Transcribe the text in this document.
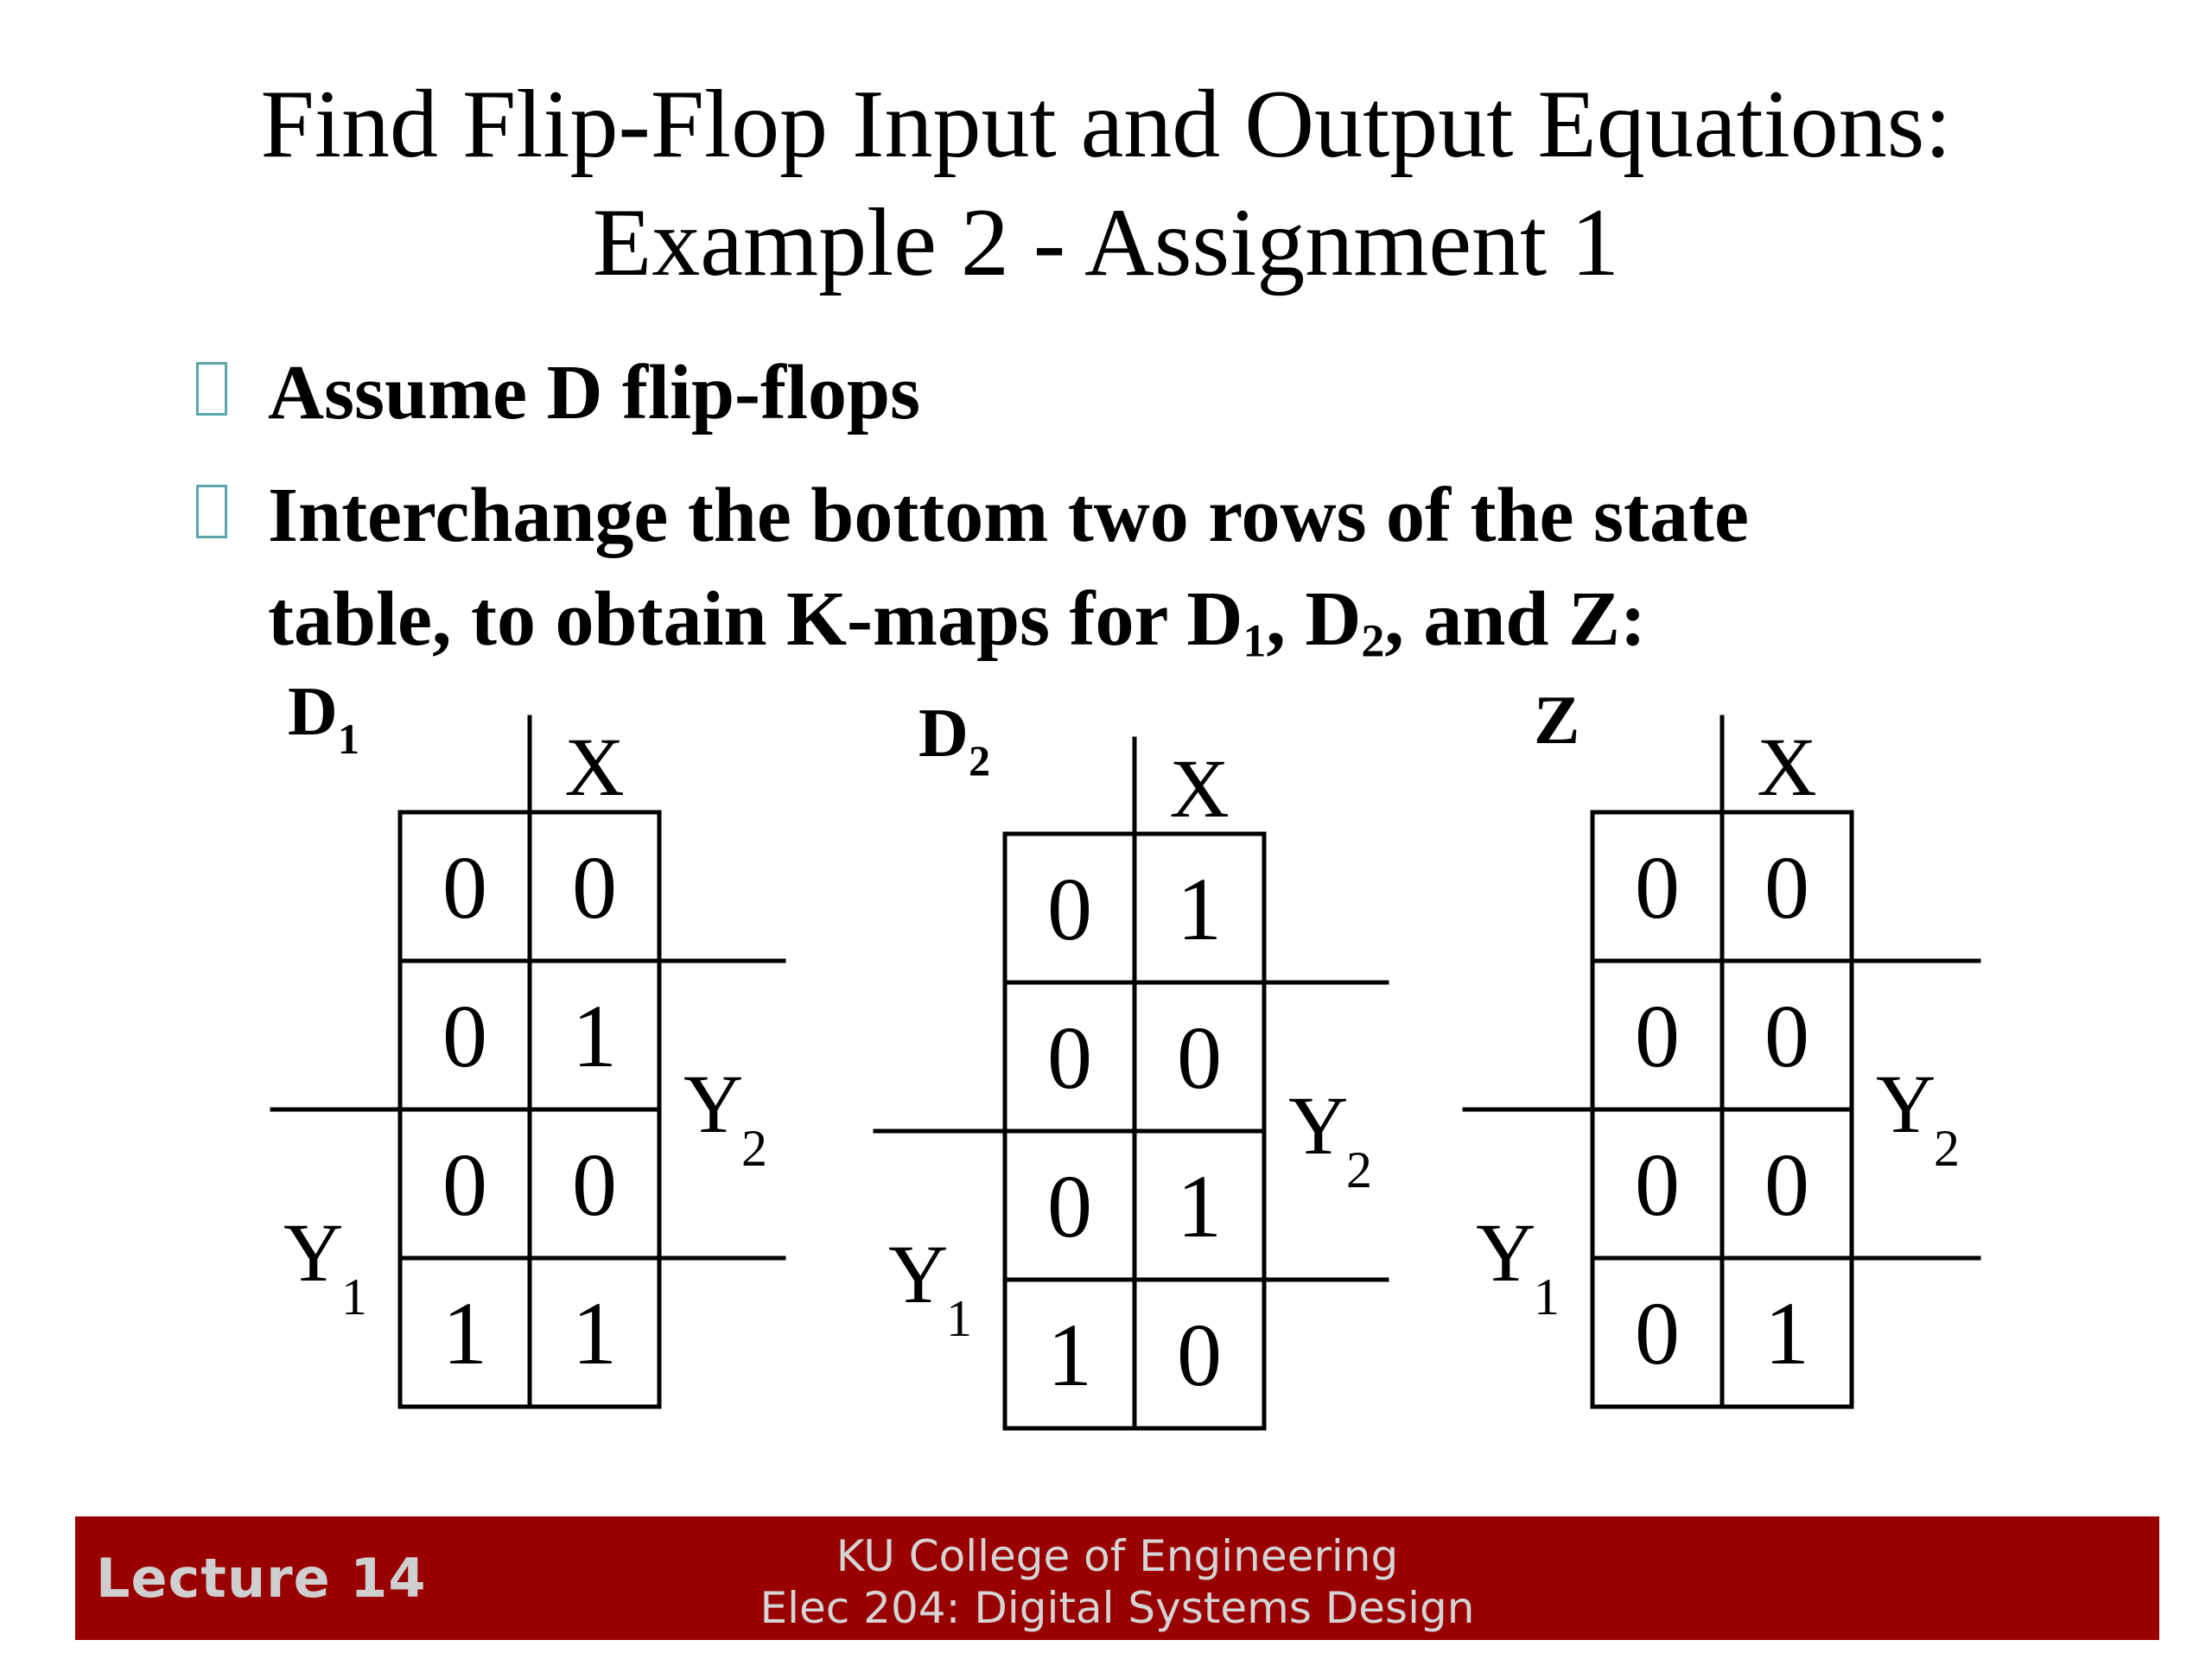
Find Flip-Flop Input and Output Equations:
Example 2 - Assignment 1
Assume D flip-flops
Interchange the bottom two rows of the state
table, to obtain K-maps for $D_1$, $D_2$, and Z:
D 1 X
Y
2
Y
1
0 0
0 1
0 0
1 1
D 2 X
Y
2
Y
1
0 1
0 0
0 1
1 0
Z X
Y
2
Y
1
0 0
0 0
0 0
0 1
Lecture 14	KU College of Engineering
Elec 204: Digital Systems Design
